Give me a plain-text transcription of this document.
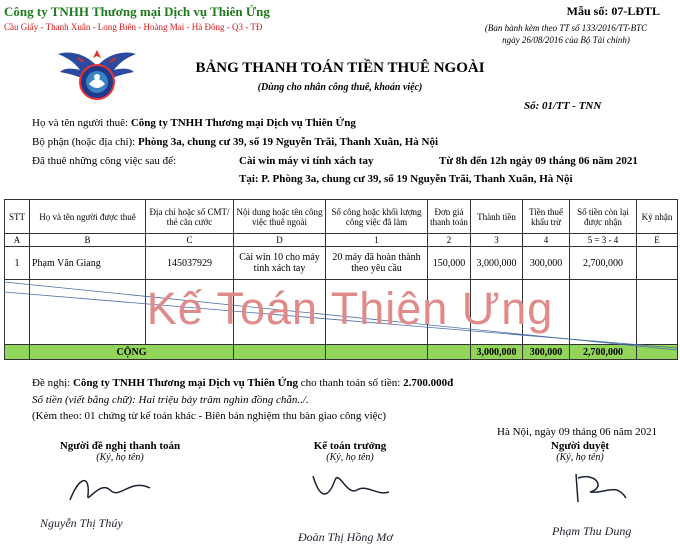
Công ty TNHH Thương mại Dịch vụ Thiên Ứng
Cầu Giấy - Thanh Xuân - Long Biên - Hoàng Mai - Hà Đông - Q3 - TĐ
Mẫu số: 07-LĐTL
(Ban hành kèm theo TT số 133/2016/TT-BTC
ngày 26/08/2016 của Bộ Tài chính)
BẢNG THANH TOÁN TIỀN THUÊ NGOÀI
(Dùng cho nhân công thuê, khoán việc)
Số: 01/TT - TNN
Họ và tên người thuê: Công ty TNHH Thương mại Dịch vụ Thiên Ứng
Bộ phận (hoặc địa chỉ): Phòng 3a, chung cư 39, số 19 Nguyễn Trãi, Thanh Xuân, Hà Nội
Đã thuê những công việc sau để:	Cài win máy vi tính xách tay	Từ 8h đến 12h ngày 09 tháng 06 năm 2021
Tại: P. Phòng 3a, chung cư 39, số 19 Nguyễn Trãi, Thanh Xuân, Hà Nội
STT	Họ và tên người được thuê	Địa chỉ hoặc số CMT/ thẻ căn cước	Nội dung hoặc tên công việc thuê ngoài	Số công hoặc khối lượng công việc đã làm	Đơn giá thanh toán	Thành tiền	Tiền thuế khấu trừ	Số tiền còn lại được nhận	Ký nhận
A	B	C	D	1	2	3	4	5 = 3 - 4	E
1	Phạm Văn Giang	145037929	Cài win 10 cho máy tính xách tay	20 máy đã hoàn thành theo yêu cầu	150,000	3,000,000	300,000	2,700,000	

	CỘNG					3,000,000	300,000	2,700,000	
Kế Toán Thiên Ưng
Đề nghị: Công ty TNHH Thương mại Dịch vụ Thiên Ứng cho thanh toán số tiền: 2.700.000đ
Số tiền (viết bằng chữ): Hai triệu bảy trăm nghìn đồng chẵn../.
(Kèm theo: 01 chứng từ kế toán khác - Biên bản nghiệm thu bàn giao công việc)
Hà Nội, ngày 09 tháng 06 năm 2021
Người đề nghị thanh toán
(Ký, họ tên)
Kế toán trưởng
(Ký, họ tên)
Người duyệt
(Ký, họ tên)
Nguyễn Thị Thúy
Đoàn Thị Hồng Mơ	Phạm Thu Dung
